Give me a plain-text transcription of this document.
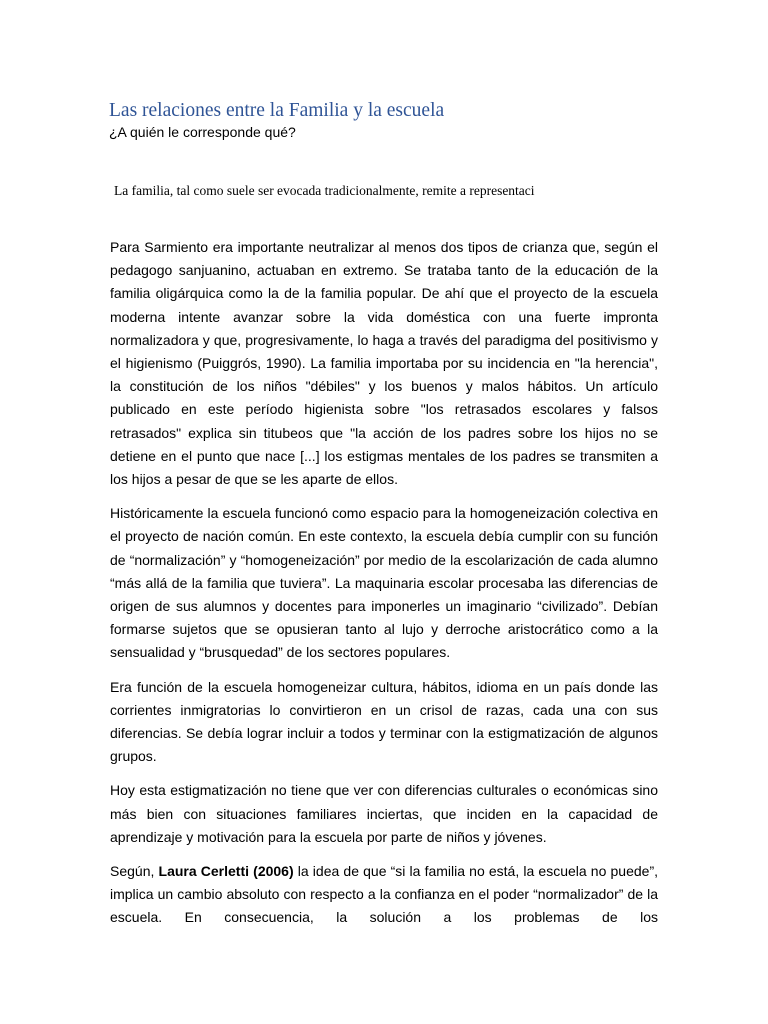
Las relaciones entre la Familia y la escuela
¿A quién le corresponde qué?
La familia, tal como suele ser evocada tradicionalmente, remite a representaci

Para Sarmiento era importante neutralizar al menos dos tipos de crianza que, según el pedagogo sanjuanino, actuaban en extremo. Se trataba tanto de la educación de la familia oligárquica como la de la familia popular. De ahí que el proyecto de la escuela moderna intente avanzar sobre la vida doméstica con una fuerte impronta normalizadora y que, progresivamente, lo haga a través del paradigma del positivismo y el higienismo (Puiggrós, 1990). La familia importaba por su incidencia en "la herencia", la constitución de los niños "débiles" y los buenos y malos hábitos. Un artículo publicado en este período higienista sobre "los retrasados escolares y falsos retrasados" explica sin titubeos que "la acción de los padres sobre los hijos no se detiene en el punto que nace [...] los estigmas mentales de los padres se transmiten a los hijos a pesar de que se les aparte de ellos.

Históricamente la escuela funcionó como espacio para la homogeneización colectiva en el proyecto de nación común. En este contexto, la escuela debía cumplir con su función de “normalización” y “homogeneización” por medio de la escolarización de cada alumno “más allá de la familia que tuviera”. La maquinaria escolar procesaba las diferencias de origen de sus alumnos y docentes para imponerles un imaginario “civilizado”. Debían formarse sujetos que se opusieran tanto al lujo y derroche aristocrático como a la sensualidad y “brusquedad” de los sectores populares.

Era función de la escuela homogeneizar cultura, hábitos, idioma en un país donde las corrientes inmigratorias lo convirtieron en un crisol de razas, cada una con sus diferencias. Se debía lograr incluir a todos y terminar con la estigmatización de algunos grupos.

Hoy esta estigmatización no tiene que ver con diferencias culturales o económicas sino más bien con situaciones familiares inciertas, que inciden en la capacidad de aprendizaje y motivación para la escuela por parte de niños y jóvenes.

Según, Laura Cerletti (2006) la idea de que “si la familia no está, la escuela no puede”, implica un cambio absoluto con respecto a la confianza en el poder “normalizador” de la escuela. En consecuencia, la solución a los problemas de los
